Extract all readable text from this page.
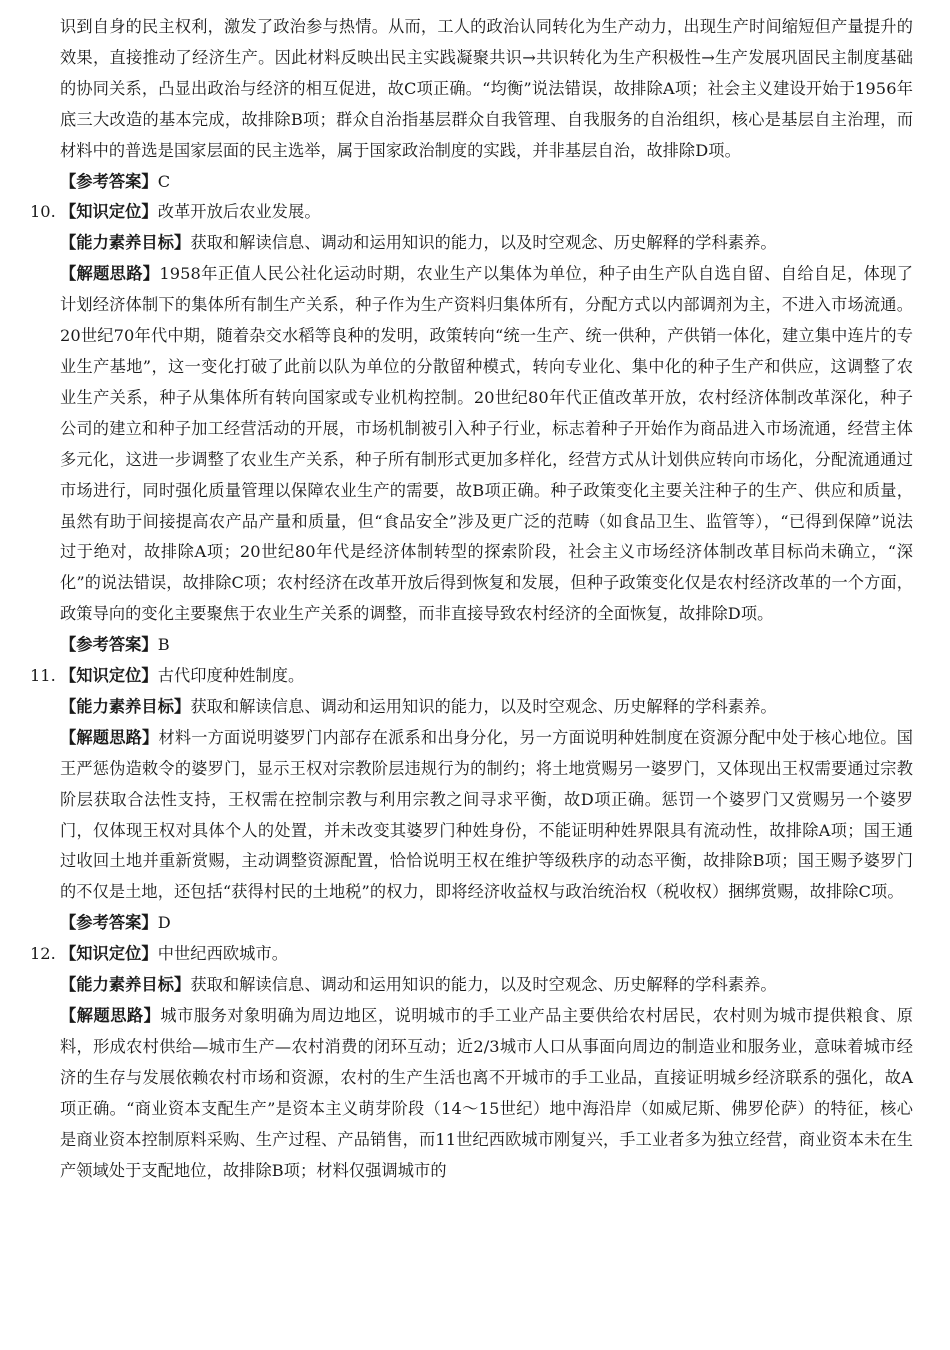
识到自身的民主权利，激发了政治参与热情。从而，工人的政治认同转化为生产动力，出现生产时间缩短但产量提升的效果，直接推动了经济生产。因此材料反映出民主实践凝聚共识→共识转化为生产积极性→生产发展巩固民主制度基础的协同关系，凸显出政治与经济的相互促进，故C项正确。“均衡”说法错误，故排除A项；社会主义建设开始于1956年底三大改造的基本完成，故排除B项；群众自治指基层群众自我管理、自我服务的自治组织，核心是基层自主治理，而材料中的普选是国家层面的民主选举，属于国家政治制度的实践，并非基层自治，故排除D项。

【参考答案】C

10. 【知识定位】改革开放后农业发展。

【能力素养目标】获取和解读信息、调动和运用知识的能力，以及时空观念、历史解释的学科素养。

【解题思路】1958年正值人民公社化运动时期，农业生产以集体为单位，种子由生产队自选自留、自给自足，体现了计划经济体制下的集体所有制生产关系，种子作为生产资料归集体所有，分配方式以内部调剂为主，不进入市场流通。20世纪70年代中期，随着杂交水稻等良种的发明，政策转向“统一生产、统一供种，产供销一体化，建立集中连片的专业生产基地”，这一变化打破了此前以队为单位的分散留种模式，转向专业化、集中化的种子生产和供应，这调整了农业生产关系，种子从集体所有转向国家或专业机构控制。20世纪80年代正值改革开放，农村经济体制改革深化，种子公司的建立和种子加工经营活动的开展，市场机制被引入种子行业，标志着种子开始作为商品进入市场流通，经营主体多元化，这进一步调整了农业生产关系，种子所有制形式更加多样化，经营方式从计划供应转向市场化，分配流通通过市场进行，同时强化质量管理以保障农业生产的需要，故B项正确。种子政策变化主要关注种子的生产、供应和质量，虽然有助于间接提高农产品产量和质量，但“食品安全”涉及更广泛的范畴（如食品卫生、监管等），“已得到保障”说法过于绝对，故排除A项；20世纪80年代是经济体制转型的探索阶段，社会主义市场经济体制改革目标尚未确立，“深化”的说法错误，故排除C项；农村经济在改革开放后得到恢复和发展，但种子政策变化仅是农村经济改革的一个方面，政策导向的变化主要聚焦于农业生产关系的调整，而非直接导致农村经济的全面恢复，故排除D项。

【参考答案】B

11. 【知识定位】古代印度种姓制度。

【能力素养目标】获取和解读信息、调动和运用知识的能力，以及时空观念、历史解释的学科素养。

【解题思路】材料一方面说明婆罗门内部存在派系和出身分化，另一方面说明种姓制度在资源分配中处于核心地位。国王严惩伪造敕令的婆罗门，显示王权对宗教阶层违规行为的制约；将土地赏赐另一婆罗门，又体现出王权需要通过宗教阶层获取合法性支持，王权需在控制宗教与利用宗教之间寻求平衡，故D项正确。惩罚一个婆罗门又赏赐另一个婆罗门，仅体现王权对具体个人的处置，并未改变其婆罗门种姓身份，不能证明种姓界限具有流动性，故排除A项；国王通过收回土地并重新赏赐，主动调整资源配置，恰恰说明王权在维护等级秩序的动态平衡，故排除B项；国王赐予婆罗门的不仅是土地，还包括“获得村民的土地税”的权力，即将经济收益权与政治统治权（税收权）捆绑赏赐，故排除C项。

【参考答案】D

12. 【知识定位】中世纪西欧城市。

【能力素养目标】获取和解读信息、调动和运用知识的能力，以及时空观念、历史解释的学科素养。

【解题思路】城市服务对象明确为周边地区，说明城市的手工业产品主要供给农村居民，农村则为城市提供粮食、原料，形成农村供给—城市生产—农村消费的闭环互动；近2/3城市人口从事面向周边的制造业和服务业，意味着城市经济的生存与发展依赖农村市场和资源，农村的生产生活也离不开城市的手工业品，直接证明城乡经济联系的强化，故A项正确。“商业资本支配生产”是资本主义萌芽阶段（14～15世纪）地中海沿岸（如威尼斯、佛罗伦萨）的特征，核心是商业资本控制原料采购、生产过程、产品销售，而11世纪西欧城市刚复兴，手工业者多为独立经营，商业资本未在生产领域处于支配地位，故排除B项；材料仅强调城市的
